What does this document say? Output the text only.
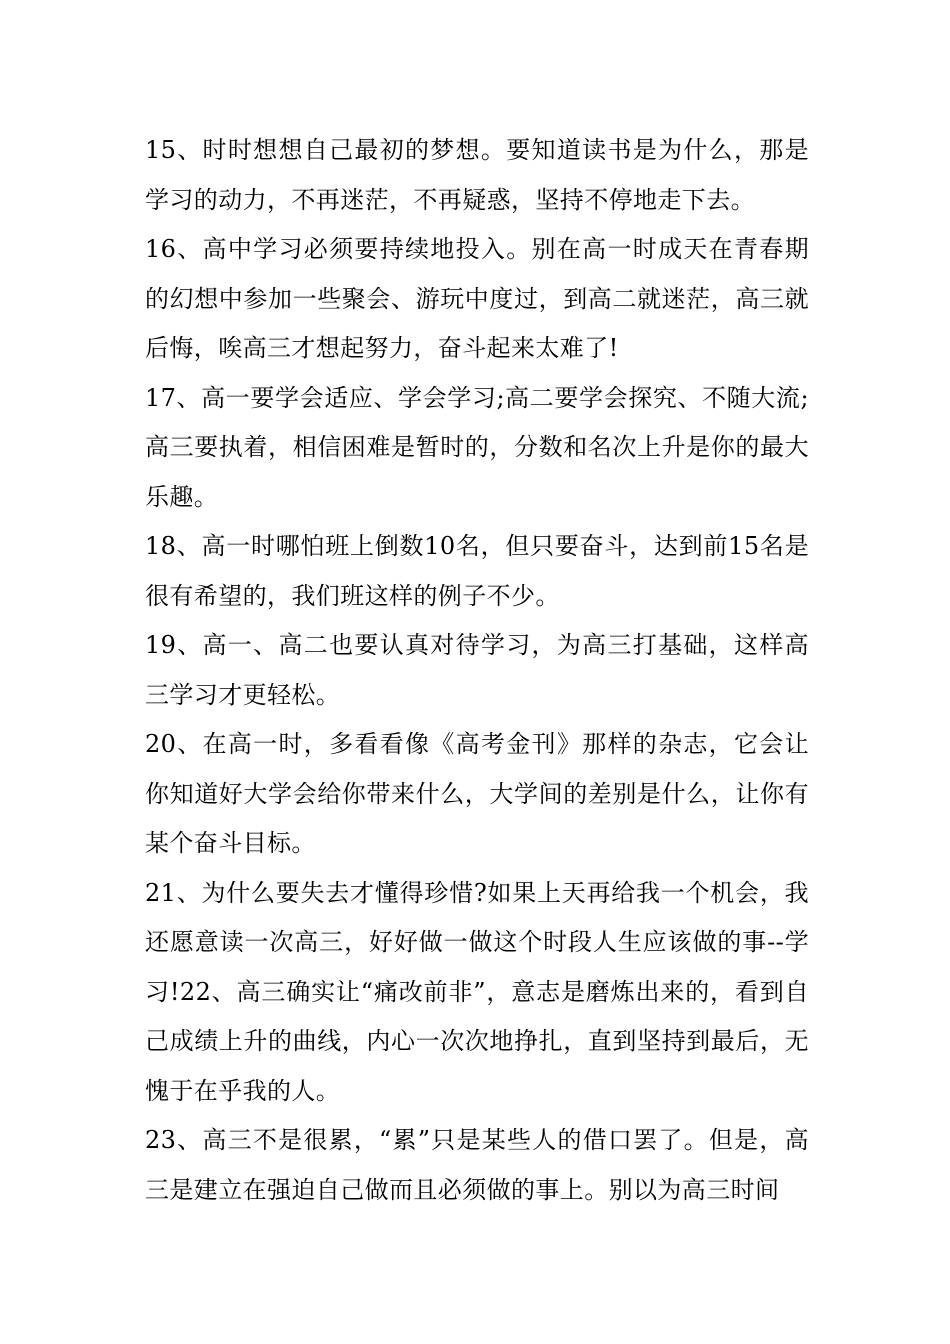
15、时时想想自己最初的梦想。要知道读书是为什么，那是学习的动力，不再迷茫，不再疑惑，坚持不停地走下去。

16、高中学习必须要持续地投入。别在高一时成天在青春期的幻想中参加一些聚会、游玩中度过，到高二就迷茫，高三就后悔，唉高三才想起努力，奋斗起来太难了!

17、高一要学会适应、学会学习;高二要学会探究、不随大流;高三要执着，相信困难是暂时的，分数和名次上升是你的最大乐趣。

18、高一时哪怕班上倒数10名，但只要奋斗，达到前15名是很有希望的，我们班这样的例子不少。

19、高一、高二也要认真对待学习，为高三打基础，这样高三学习才更轻松。

20、在高一时，多看看像《高考金刊》那样的杂志，它会让你知道好大学会给你带来什么，大学间的差别是什么，让你有某个奋斗目标。

21、为什么要失去才懂得珍惜?如果上天再给我一个机会，我还愿意读一次高三，好好做一做这个时段人生应该做的事--学习!22、高三确实让“痛改前非”，意志是磨炼出来的，看到自己成绩上升的曲线，内心一次次地挣扎，直到坚持到最后，无愧于在乎我的人。

23、高三不是很累，“累”只是某些人的借口罢了。但是，高三是建立在强迫自己做而且必须做的事上。别以为高三时间
